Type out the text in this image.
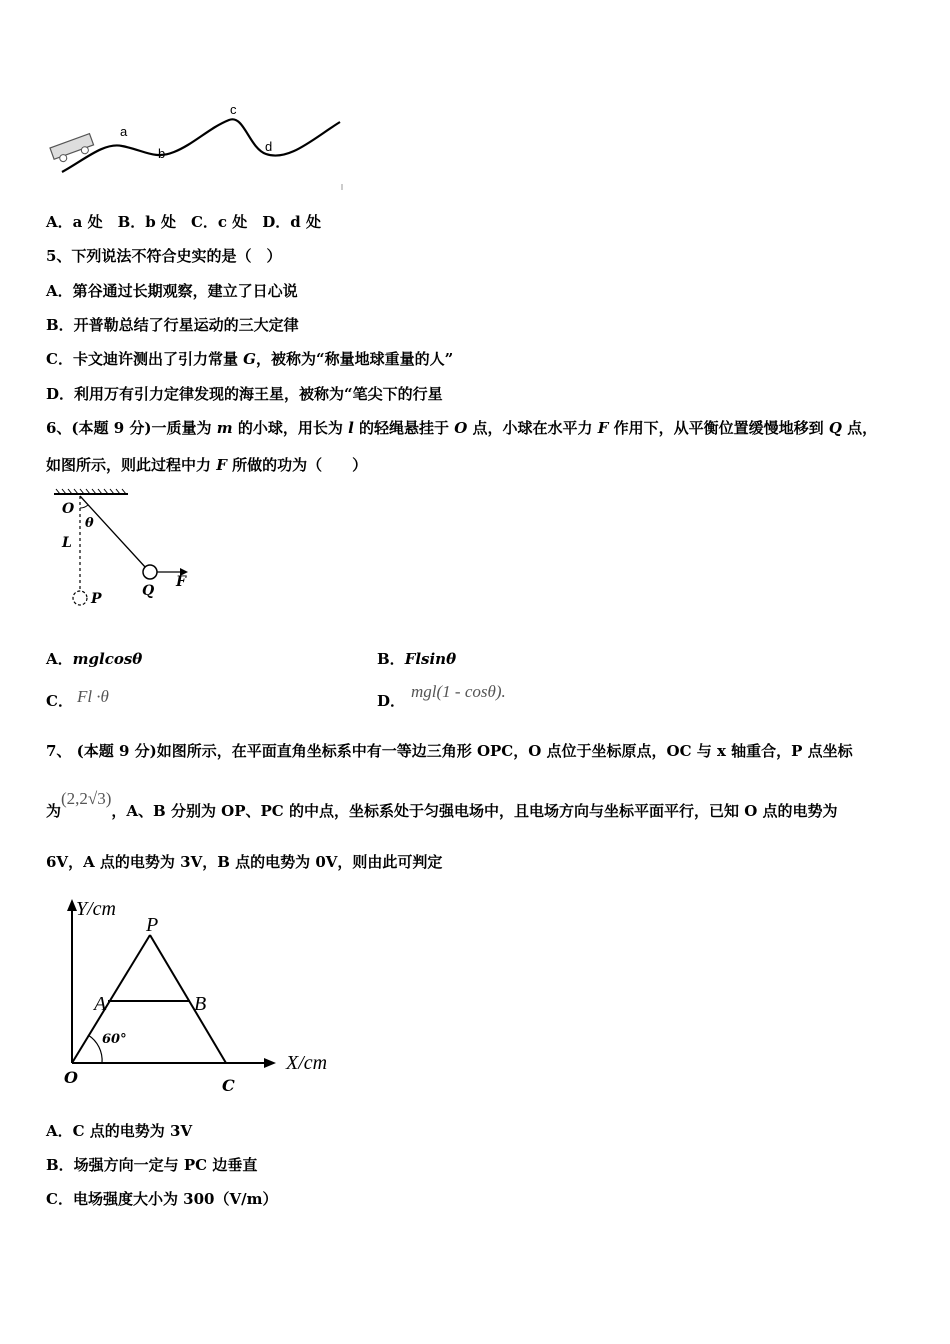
a
b
c
d
A．a 处　B．b 处　C．c 处　D．d 处
5、下列说法不符合史实的是（　）
A．第谷通过长期观察，建立了日心说
B．开普勒总结了行星运动的三大定律
C．卡文迪许测出了引力常量 G，被称为“称量地球重量的人”
D．利用万有引力定律发现的海王星，被称为“笔尖下的行星
6、(本题 9 分)一质量为 m 的小球，用长为 l 的轻绳悬挂于 O 点，小球在水平力 F 作用下，从平衡位置缓慢地移到 Q 点，
如图所示，则此过程中力 F 所做的功为（　　）
O
θ
L
P	Q
F
A．mglcosθ	B．Flsinθ
C． Fl ·θ	D． mgl(1 - cosθ).
7、 (本题 9 分)如图所示，在平面直角坐标系中有一等边三角形 OPC，O 点位于坐标原点，OC 与 x 轴重合，P 点坐标
为(2,2√3)，A、B 分别为 OP、PC 的中点，坐标系处于匀强电场中，且电场方向与坐标平面平行，已知 O 点的电势为
6V，A 点的电势为 3V，B 点的电势为 0V，则由此可判定
Y/cm
X/cm
P
A	B
O	C
60°
A．C 点的电势为 3V
B．场强方向一定与 PC 边垂直
C．电场强度大小为 300（V/m）
